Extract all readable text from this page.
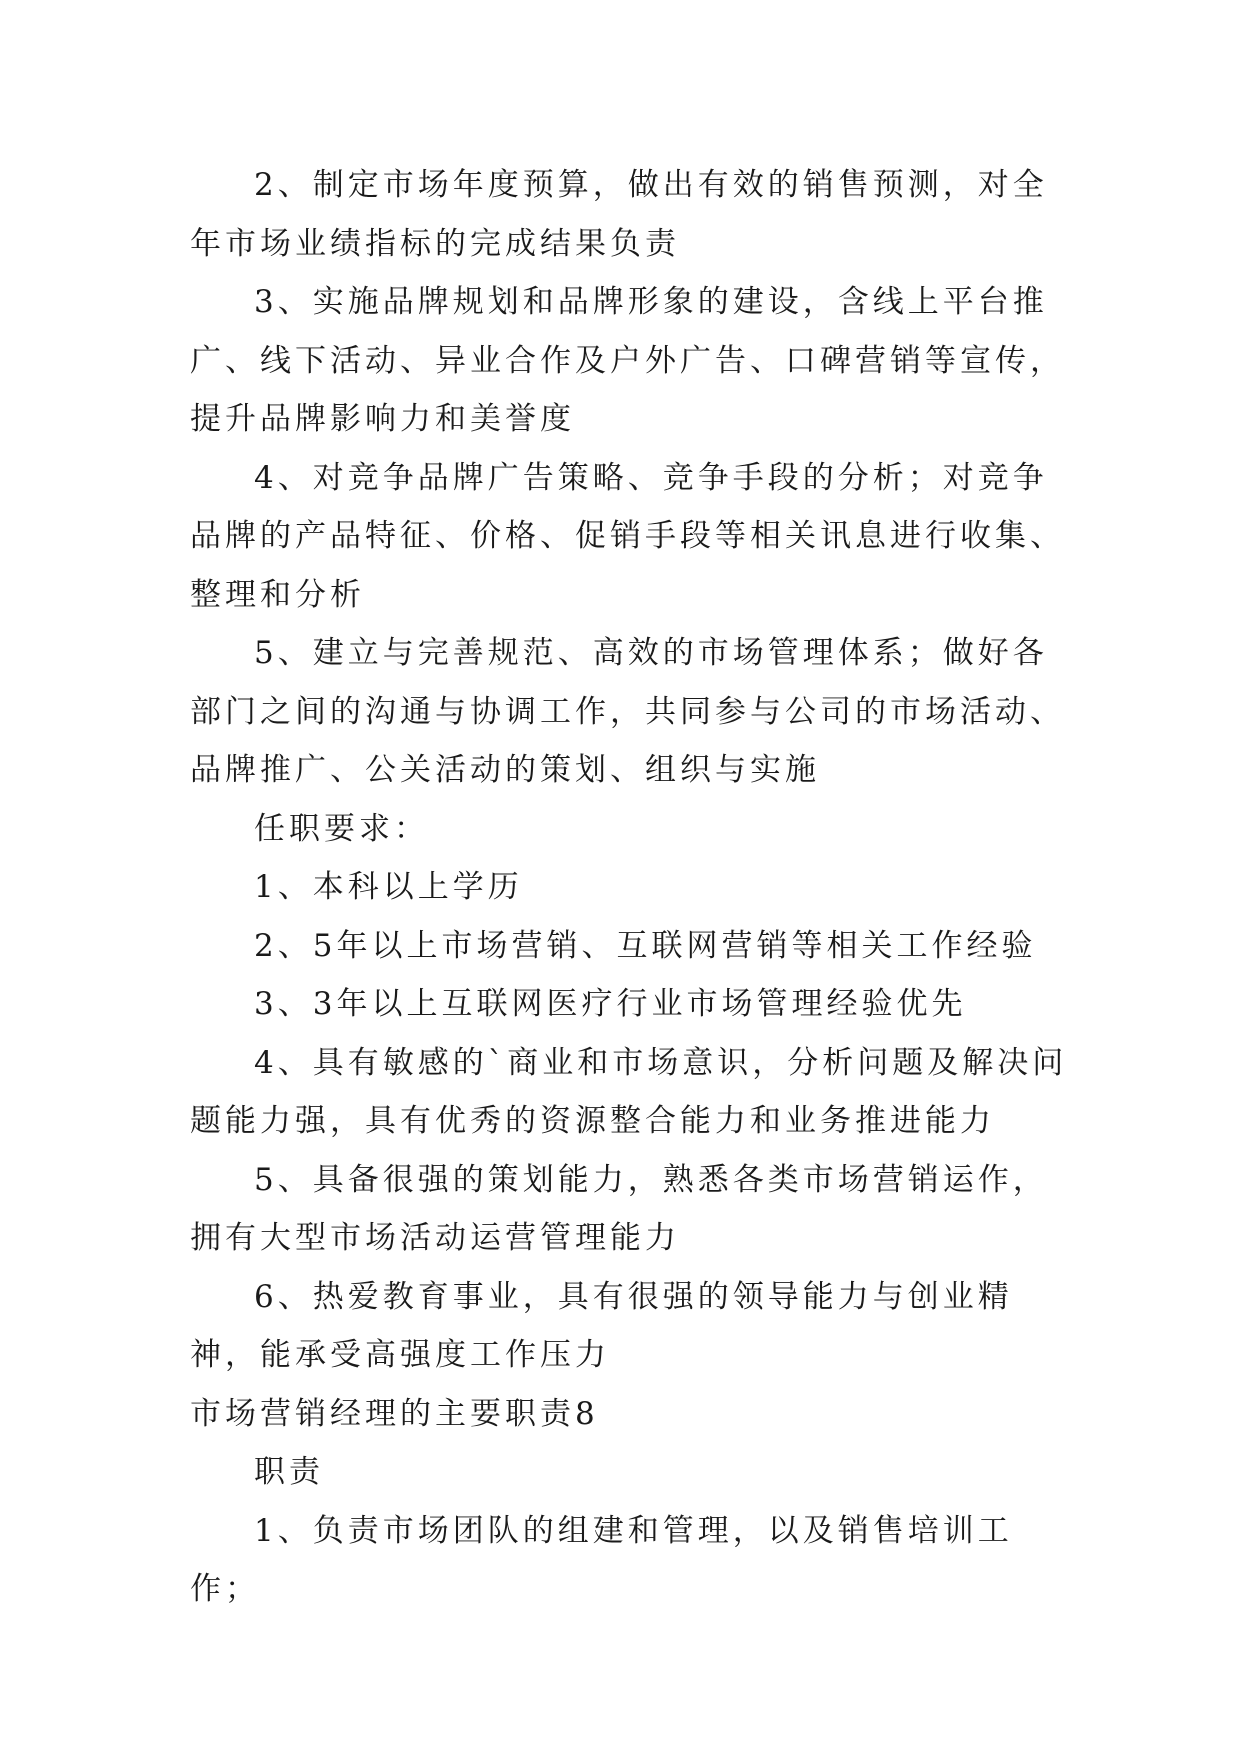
2、制定市场年度预算，做出有效的销售预测，对全年市场业绩指标的完成结果负责

3、实施品牌规划和品牌形象的建设，含线上平台推广、线下活动、异业合作及户外广告、口碑营销等宣传，提升品牌影响力和美誉度

4、对竞争品牌广告策略、竞争手段的分析；对竞争品牌的产品特征、价格、促销手段等相关讯息进行收集、整理和分析

5、建立与完善规范、高效的市场管理体系；做好各部门之间的沟通与协调工作，共同参与公司的市场活动、品牌推广、公关活动的策划、组织与实施

任职要求：

1、本科以上学历

2、5年以上市场营销、互联网营销等相关工作经验

3、3年以上互联网医疗行业市场管理经验优先

4、具有敏感的`商业和市场意识，分析问题及解决问题能力强，具有优秀的资源整合能力和业务推进能力

5、具备很强的策划能力，熟悉各类市场营销运作，拥有大型市场活动运营管理能力

6、热爱教育事业，具有很强的领导能力与创业精神，能承受高强度工作压力

市场营销经理的主要职责8

职责

1、负责市场团队的组建和管理，以及销售培训工作；
